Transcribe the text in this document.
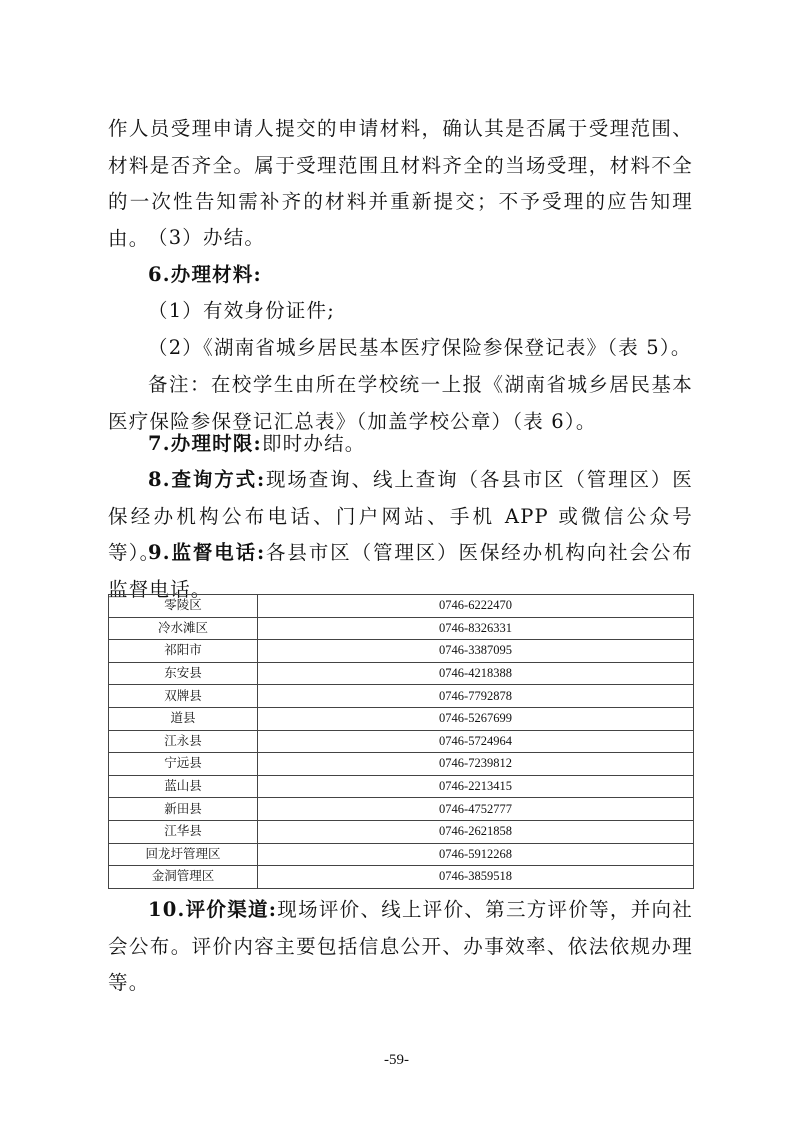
作人员受理申请人提交的申请材料，确认其是否属于受理范围、材料是否齐全。属于受理范围且材料齐全的当场受理，材料不全的一次性告知需补齐的材料并重新提交；不予受理的应告知理由。

（3）办结。

6.办理材料:

（1）有效身份证件;

（2）《湖南省城乡居民基本医疗保险参保登记表》（表 5）。

备注：在校学生由所在学校统一上报《湖南省城乡居民基本医疗保险参保登记汇总表》（加盖学校公章）（表 6）。

7.办理时限:即时办结。

8.查询方式:现场查询、线上查询（各县市区（管理区）医保经办机构公布电话、门户网站、手机 APP 或微信公众号等）。

9.监督电话:各县市区（管理区）医保经办机构向社会公布监督电话。

零陵区	0746-6222470
冷水滩区	0746-8326331
祁阳市	0746-3387095
东安县	0746-4218388
双牌县	0746-7792878
道县	0746-5267699
江永县	0746-5724964
宁远县	0746-7239812
蓝山县	0746-2213415
新田县	0746-4752777
江华县	0746-2621858
回龙圩管理区	0746-5912268
金洞管理区	0746-3859518

10.评价渠道:现场评价、线上评价、第三方评价等，并向社会公布。评价内容主要包括信息公开、办事效率、依法依规办理等。

-59-
